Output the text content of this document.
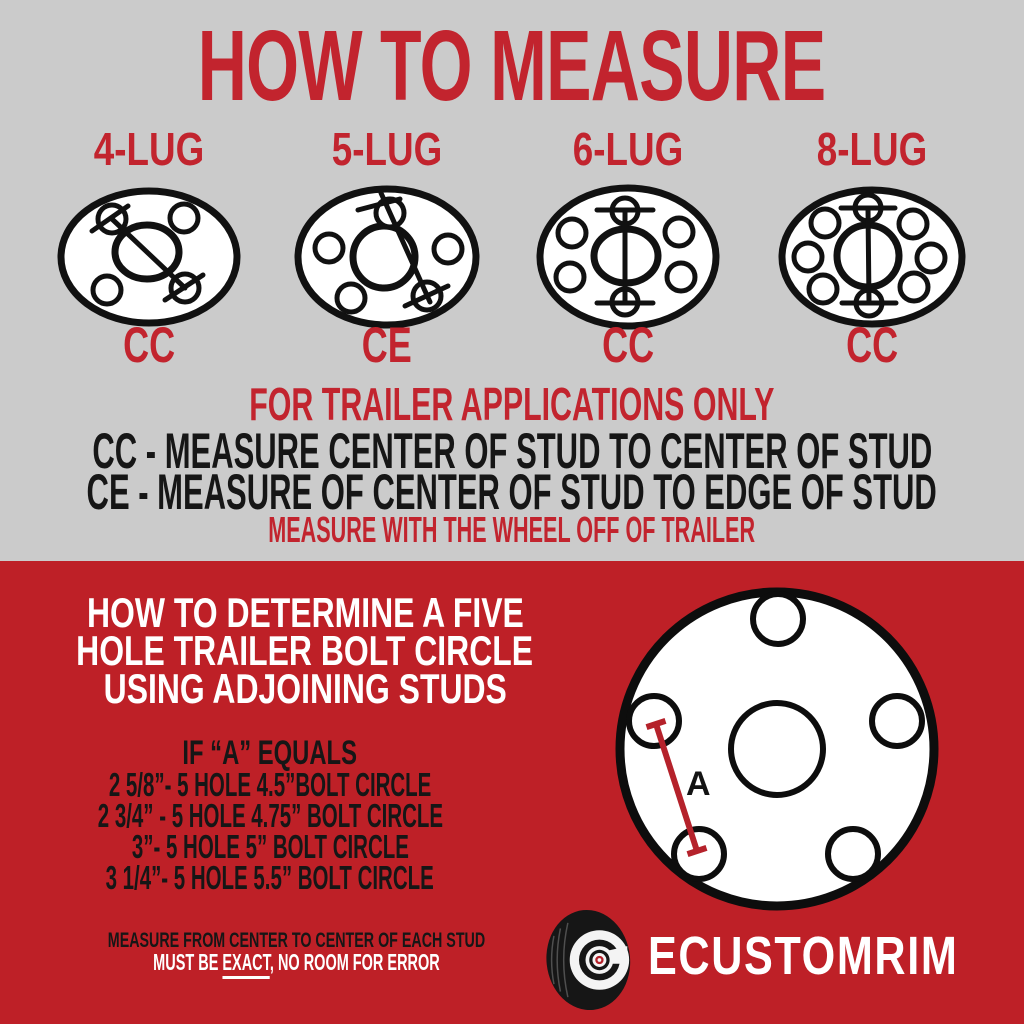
HOW TO MEASURE
4-LUG
CC
5-LUG
CE
6-LUG
CC
8-LUG
CC
FOR TRAILER APPLICATIONS ONLY
CC - MEASURE CENTER OF STUD TO CENTER OF STUD
CE - MEASURE OF CENTER OF STUD TO EDGE OF STUD
MEASURE WITH THE WHEEL OFF OF TRAILER
HOW TO DETERMINE A FIVE
HOLE TRAILER BOLT CIRCLE
USING ADJOINING STUDS
IF “A” EQUALS
2 5/8”- 5 HOLE 4.5”BOLT CIRCLE
2 3/4” - 5 HOLE 4.75” BOLT CIRCLE
3”- 5 HOLE 5” BOLT CIRCLE
3 1/4”- 5 HOLE 5.5” BOLT CIRCLE
MEASURE FROM CENTER TO CENTER OF EACH STUD
MUST BE EXACT, NO ROOM FOR ERROR
A
ECUSTOMRIM
